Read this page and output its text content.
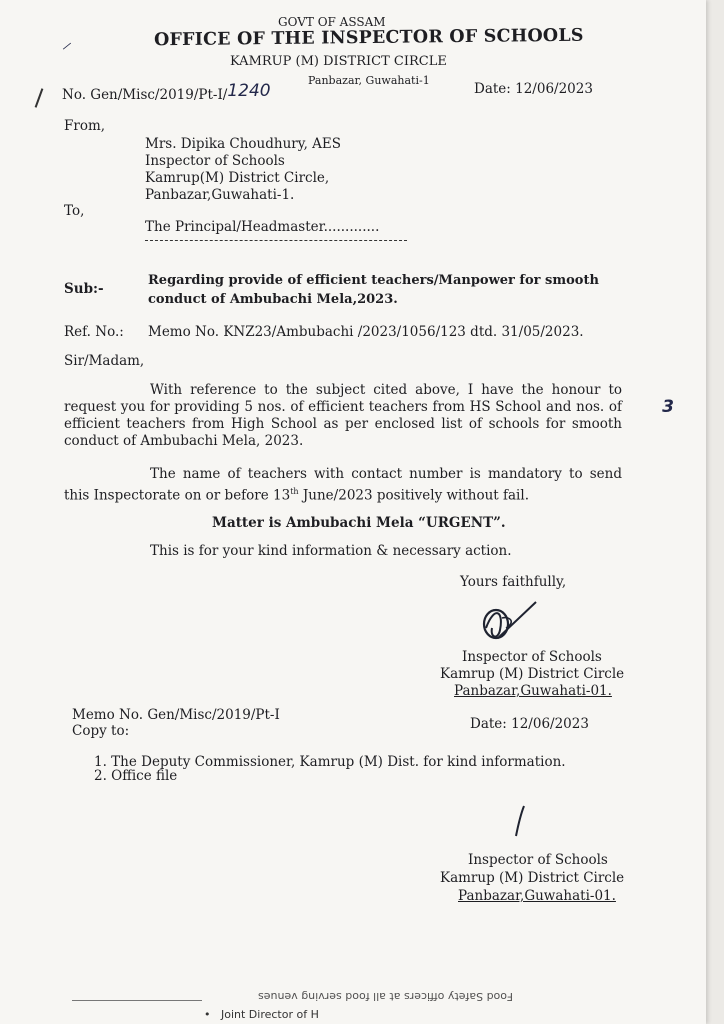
GOVT OF ASSAM
OFFICE OF THE INSPECTOR OF SCHOOLS
KAMRUP (M) DISTRICT CIRCLE
Panbazar, Guwahati-1
⸝
No. Gen/Misc/2019/Pt-I/1240	Date: 12/06/2023
From,
Mrs. Dipika Choudhury, AES
Inspector of Schools
Kamrup(M) District Circle,
Panbazar,Guwahati-1.
To,
The Principal/Headmaster.............
Sub:-
Regarding provide of efficient teachers/Manpower for smooth
conduct of Ambubachi Mela,2023.
Ref. No.: Memo No. KNZ23/Ambubachi /2023/1056/123 dtd. 31/05/2023.
Sir/Madam,
With reference to the subject cited above, I have the honour to request you for providing 5 nos. of efficient teachers from HS School and	3
nos. of efficient teachers from High School as per enclosed list of schools for smooth conduct of Ambubachi Mela, 2023.
The name of teachers with contact number is mandatory to send this Inspectorate on or before 13th June/2023 positively without fail.
Matter is Ambubachi Mela “URGENT”.
This is for your kind information & necessary action.
Yours faithfully,
Inspector of Schools
Kamrup (M) District Circle
Panbazar,Guwahati-01.
Memo No. Gen/Misc/2019/Pt-I
Date: 12/06/2023
Copy to:
1. The Deputy Commissioner, Kamrup (M) Dist. for kind information.
2. Office file
Inspector of Schools
Kamrup (M) District Circle
Panbazar,Guwahati-01.
Food Safety officers at all food serving venues
•   Joint Director of H
